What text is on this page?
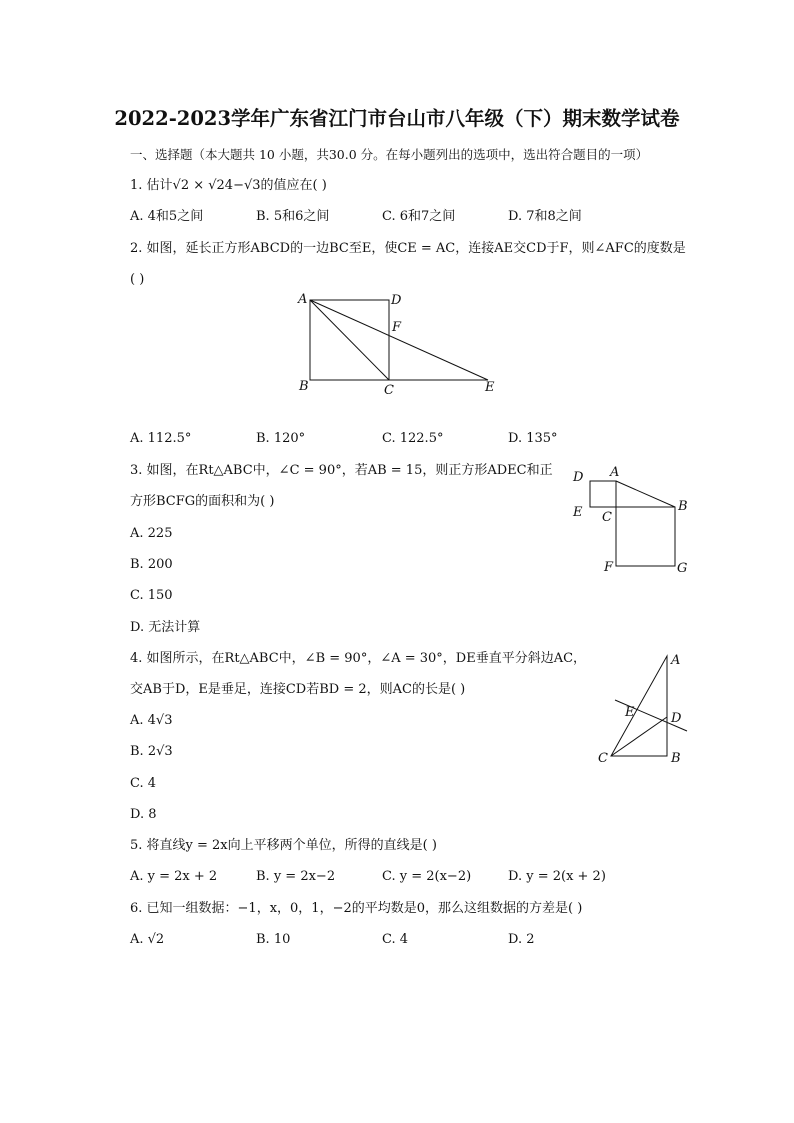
2022-2023学年广东省江门市台山市八年级（下）期末数学试卷
一、选择题（本大题共 10 小题，共30.0 分。在每小题列出的选项中，选出符合题目的一项）
1. 估计√2 × √24−√3的值应在( )
A. 4和5之间	B. 5和6之间	C. 6和7之间	D. 7和8之间
2. 如图，延长正方形ABCD的一边BC至E，使CE = AC，连接AE交CD于F，则∠AFC的度数是
( )
A	D
F
B	C	E
A. 112.5°	B. 120°	C. 122.5°	D. 135°
3. 如图，在Rt△ABC中，∠C = 90°，若AB = 15，则正方形ADEC和正
方形BCFG的面积和为( )
D A
E C
B
F	G
A. 225
B. 200
C. 150
D. 无法计算
4. 如图所示，在Rt△ABC中，∠B = 90°，∠A = 30°，DE垂直平分斜边AC，
交AB于D，E是垂足，连接CD若BD = 2，则AC的长是( )
A
E	D
C	B
A. 4√3
B. 2√3
C. 4
D. 8
5. 将直线y = 2x向上平移两个单位，所得的直线是( )
A. y = 2x + 2	B. y = 2x−2	C. y = 2(x−2)	D. y = 2(x + 2)
6. 已知一组数据：−1，x，0，1，−2的平均数是0，那么这组数据的方差是( )
A. √2	B. 10	C. 4	D. 2
